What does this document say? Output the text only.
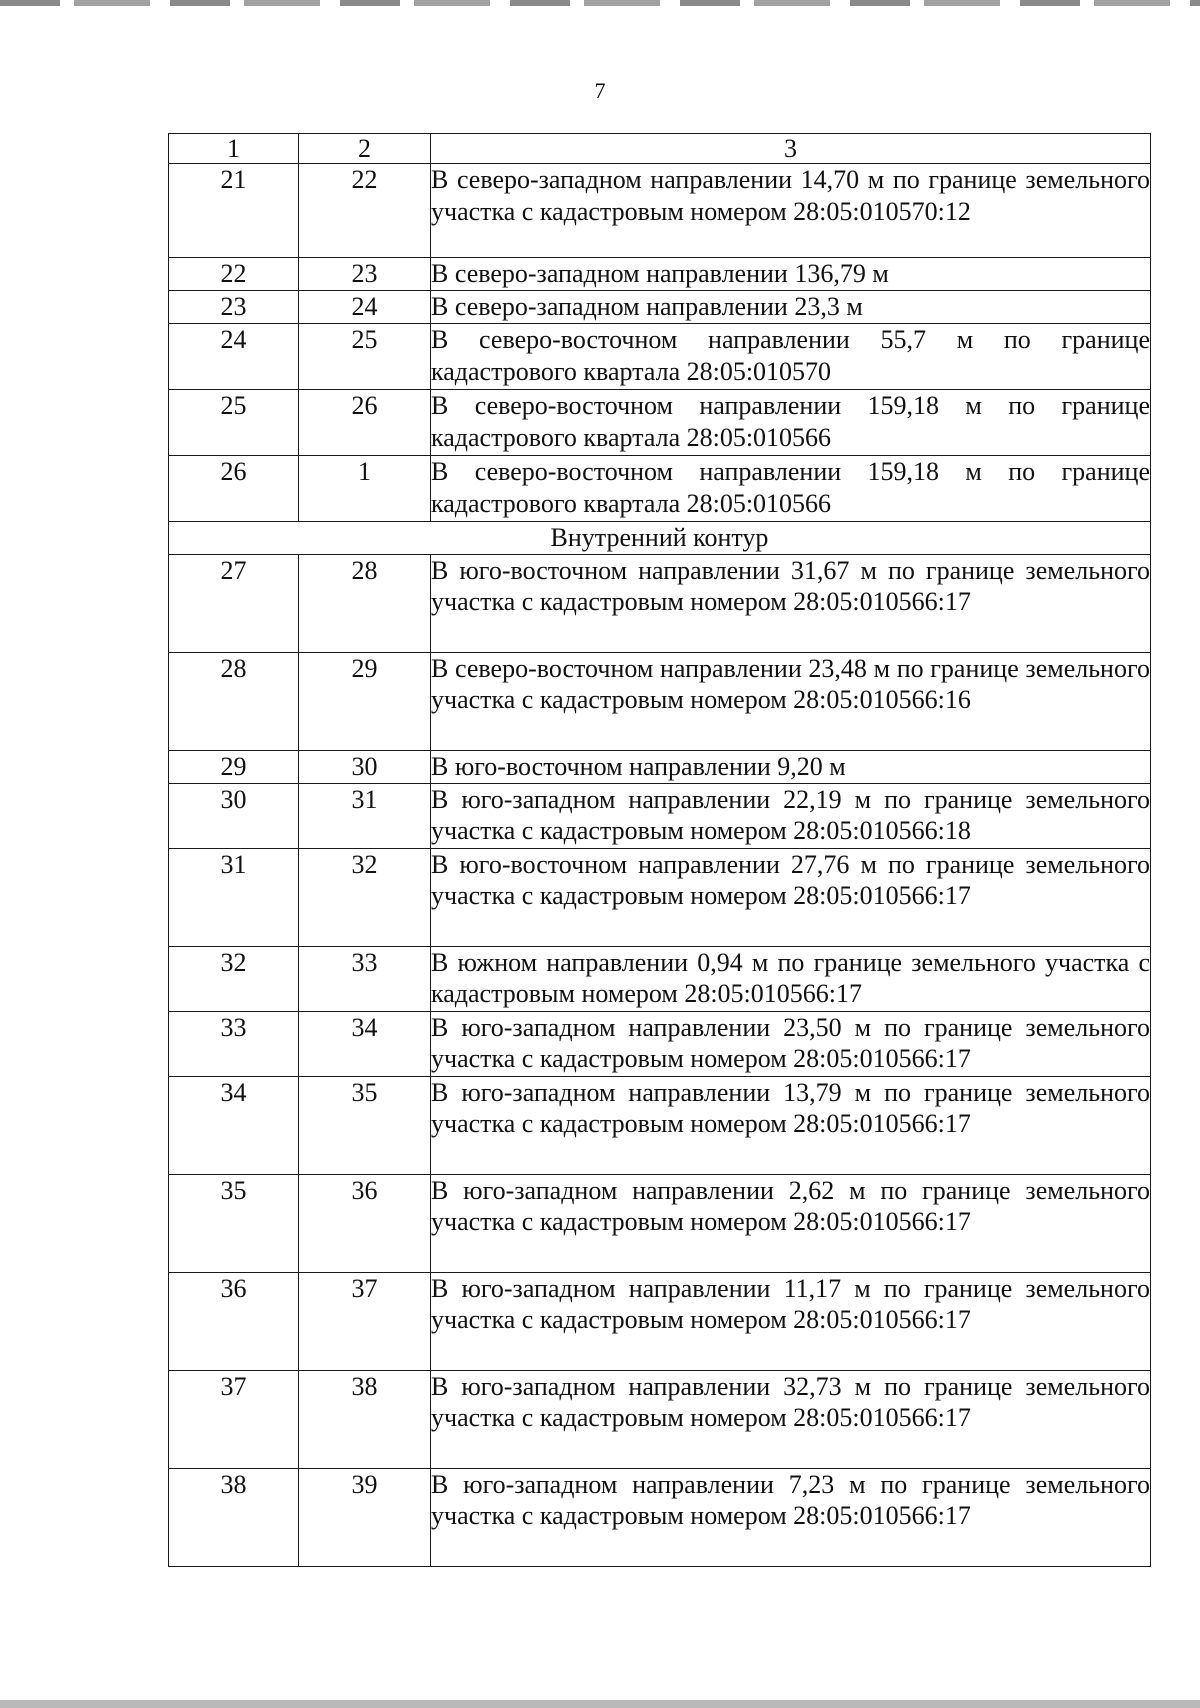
7
1	2	3
21	22	В северо-западном направлении 14,70 м по границе земельного участка с кадастровым номером 28:05:010570:12
22	23	В северо-западном направлении 136,79 м
23	24	В северо-западном направлении 23,3 м
24	25	В северо-восточном направлении 55,7 м по границе кадастрового квартала 28:05:010570
25	26	В северо-восточном направлении 159,18 м по границе кадастрового квартала 28:05:010566
26	1	В северо-восточном направлении 159,18 м по границе кадастрового квартала 28:05:010566
Внутренний контур		
27	28	В юго-восточном направлении 31,67 м по границе земельного участка с кадастровым номером 28:05:010566:17
28	29	В северо-восточном направлении 23,48 м по границе земельного участка с кадастровым номером 28:05:010566:16
29	30	В юго-восточном направлении 9,20 м
30	31	В юго-западном направлении 22,19 м по границе земельного участка с кадастровым номером 28:05:010566:18
31	32	В юго-восточном направлении 27,76 м по границе земельного участка с кадастровым номером 28:05:010566:17
32	33	В южном направлении 0,94 м по границе земельного участка с кадастровым номером 28:05:010566:17
33	34	В юго-западном направлении 23,50 м по границе земельного участка с кадастровым номером 28:05:010566:17
34	35	В юго-западном направлении 13,79 м по границе земельного участка с кадастровым номером 28:05:010566:17
35	36	В юго-западном направлении 2,62 м по границе земельного участка с кадастровым номером 28:05:010566:17
36	37	В юго-западном направлении 11,17 м по границе земельного участка с кадастровым номером 28:05:010566:17
37	38	В юго-западном направлении 32,73 м по границе земельного участка с кадастровым номером 28:05:010566:17
38	39	В юго-западном направлении 7,23 м по границе земельного участка с кадастровым номером 28:05:010566:17
